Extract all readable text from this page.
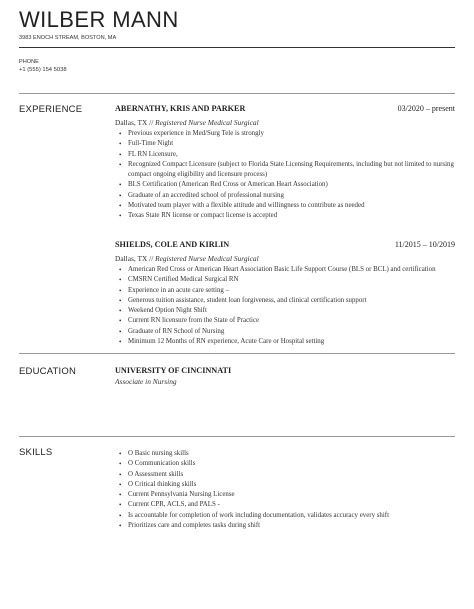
WILBER MANN
3983 ENOCH STREAM, BOSTON, MA
PHONE
+1 (555) 154 5038
EXPERIENCE	ABERNATHY, KRIS AND PARKER	03/2020 – present
Dallas, TX // Registered Nurse Medical Surgical
• Previous experience in Med/Surg Tele is strongly
• Full-Time Night
• FL RN Licensure,
• Recognized Compact Licensure (subject to Florida State Licensing Requirements, including but not limited to nursing compact ongoing eligibility and licensure process)
• BLS Certification (American Red Cross or American Heart Association)
• Graduate of an accredited school of professional nursing
• Motivated team player with a flexible attitude and willingness to contribute as needed
• Texas State RN license or compact license is accepted
SHIELDS, COLE AND KIRLIN	11/2015 – 10/2019
Dallas, TX // Registered Nurse Medical Surgical
• American Red Cross or American Heart Association Basic Life Support Course (BLS or BCL) and certification
• CMSRN Certified Medical Surgical RN
• Experience in an acute care setting –
• Generous tuition assistance, student loan forgiveness, and clinical certification support
• Weekend Option Night Shift
• Current RN licensure from the State of Practice
• Graduate of RN School of Nursing
• Minimum 12 Months of RN experience, Acute Care or Hospital setting
EDUCATION	UNIVERSITY OF CINCINNATI
Associate in Nursing
SKILLS
•	O Basic nursing skills
• O Communication skills
• O Assessment skills
• O Critical thinking skills
• Current Pennsylvania Nursing License
• Current CPR, ACLS, and PALS -
• Is accountable for completion of work including documentation, validates accuracy every shift
• Prioritizes care and completes tasks during shift
